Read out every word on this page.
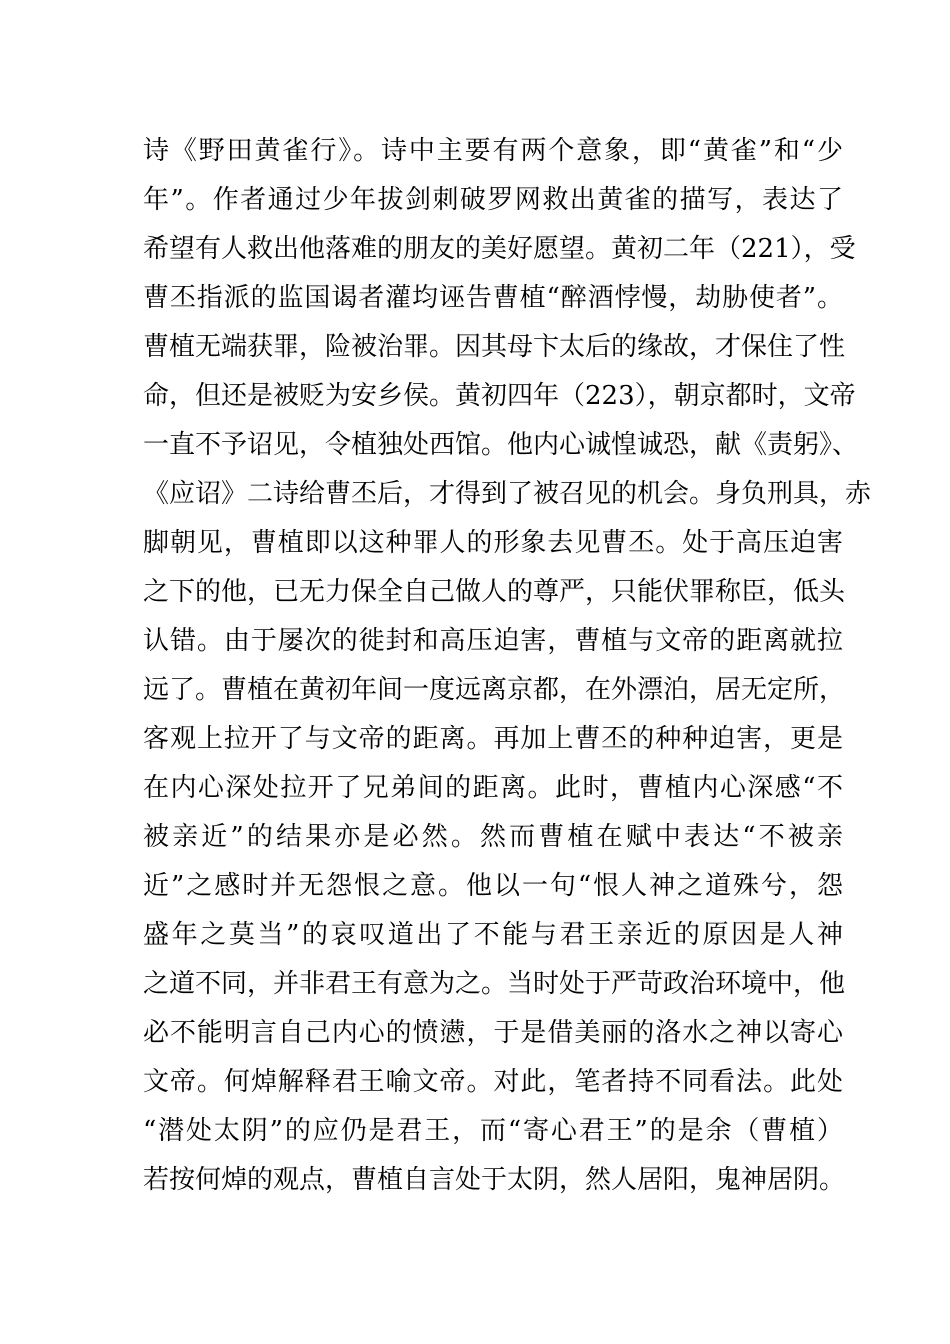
诗《野田黄雀行》。诗中主要有两个意象，即“黄雀”和“少
年”。作者通过少年拔剑刺破罗网救出黄雀的描写，表达了
希望有人救出他落难的朋友的美好愿望。黄初二年（221），受
曹丕指派的监国谒者灌均诬告曹植“醉酒悖慢，劫胁使者”。
曹植无端获罪，险被治罪。因其母卞太后的缘故，才保住了性
命，但还是被贬为安乡侯。黄初四年（223），朝京都时，文帝
一直不予诏见，令植独处西馆。他内心诚惶诚恐，献《责躬》、
《应诏》二诗给曹丕后，才得到了被召见的机会。身负刑具，赤
脚朝见，曹植即以这种罪人的形象去见曹丕。处于高压迫害
之下的他，已无力保全自己做人的尊严，只能伏罪称臣，低头
认错。由于屡次的徙封和高压迫害，曹植与文帝的距离就拉
远了。曹植在黄初年间一度远离京都，在外漂泊，居无定所，
客观上拉开了与文帝的距离。再加上曹丕的种种迫害，更是
在内心深处拉开了兄弟间的距离。此时，曹植内心深感“不
被亲近”的结果亦是必然。然而曹植在赋中表达“不被亲
近”之感时并无怨恨之意。他以一句“恨人神之道殊兮，怨
盛年之莫当”的哀叹道出了不能与君王亲近的原因是人神
之道不同，并非君王有意为之。当时处于严苛政治环境中，他
必不能明言自己内心的愤懑，于是借美丽的洛水之神以寄心
文帝。何焯解释君王喻文帝。对此，笔者持不同看法。此处
“潜处太阴”的应仍是君王，而“寄心君王”的是余（曹植）
若按何焯的观点，曹植自言处于太阴，然人居阳，鬼神居阴。
